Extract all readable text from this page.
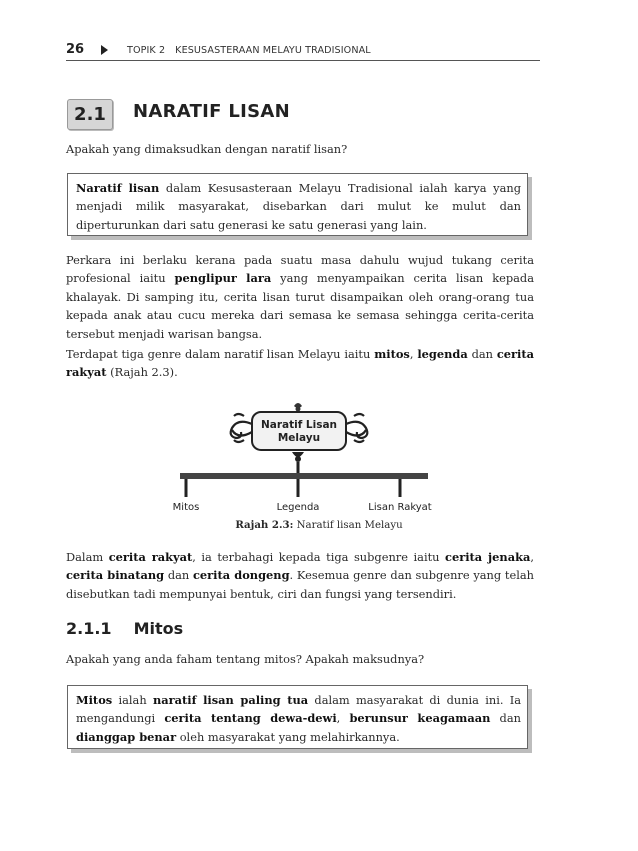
26	TOPIK 2 KESUSASTERAAN MELAYU TRADISIONAL
2.1	NARATIF LISAN
Apakah yang dimaksudkan dengan naratif lisan?
Naratif lisan dalam Kesusasteraan Melayu Tradisional ialah karya yang menjadi milik masyarakat, disebarkan dari mulut ke mulut dan diperturunkan dari satu generasi ke satu generasi yang lain.
Perkara ini berlaku kerana pada suatu masa dahulu wujud tukang cerita profesional iaitu penglipur lara yang menyampaikan cerita lisan kepada khalayak. Di samping itu, cerita lisan turut disampaikan oleh orang-orang tua kepada anak atau cucu mereka dari semasa ke semasa sehingga cerita-cerita tersebut menjadi warisan bangsa.
Terdapat tiga genre dalam naratif lisan Melayu iaitu mitos, legenda dan cerita rakyat (Rajah 2.3).
Naratif Lisan
Melayu
Mitos	Legenda	Lisan Rakyat
Rajah 2.3: Naratif lisan Melayu
Dalam cerita rakyat, ia terbahagi kepada tiga subgenre iaitu cerita jenaka, cerita binatang dan cerita dongeng. Kesemua genre dan subgenre yang telah disebutkan tadi mempunyai bentuk, ciri dan fungsi yang tersendiri.
2.1.1 Mitos
Apakah yang anda faham tentang mitos? Apakah maksudnya?
Mitos ialah naratif lisan paling tua dalam masyarakat di dunia ini. Ia mengandungi cerita tentang dewa-dewi, berunsur keagamaan dan dianggap benar oleh masyarakat yang melahirkannya.
